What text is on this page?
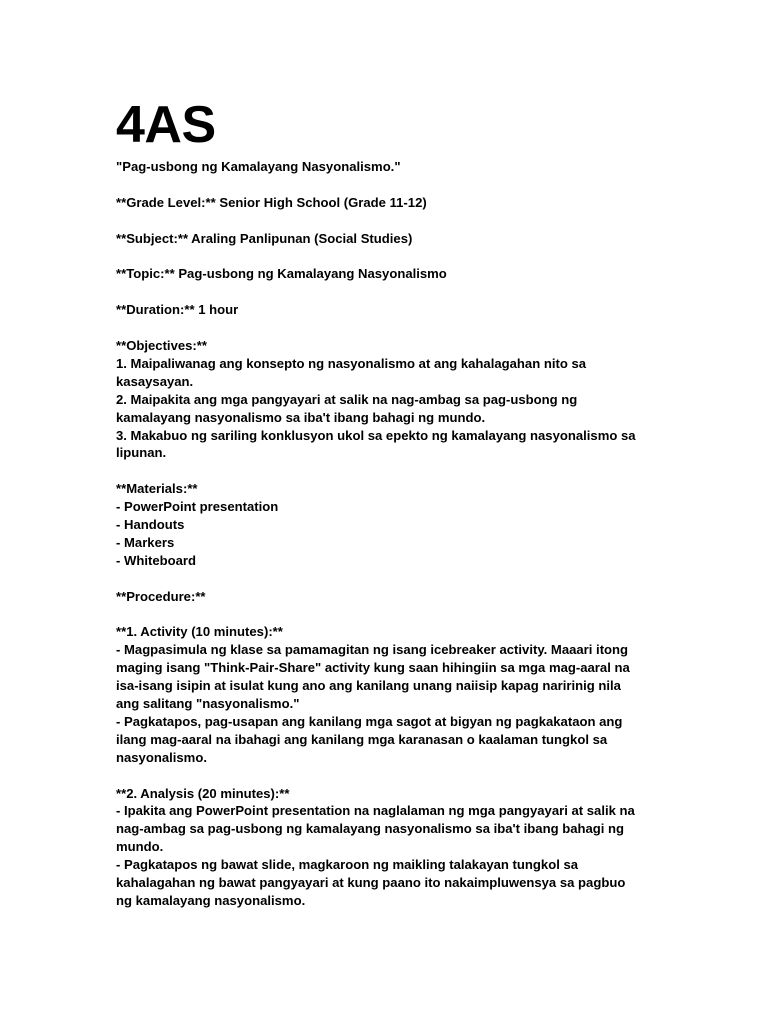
4AS
"Pag-usbong ng Kamalayang Nasyonalismo."
**Grade Level:** Senior High School (Grade 11-12)
**Subject:** Araling Panlipunan (Social Studies)
**Topic:** Pag-usbong ng Kamalayang Nasyonalismo
**Duration:** 1 hour
**Objectives:**
1. Maipaliwanag ang konsepto ng nasyonalismo at ang kahalagahan nito sa
kasaysayan.
2. Maipakita ang mga pangyayari at salik na nag-ambag sa pag-usbong ng
kamalayang nasyonalismo sa iba't ibang bahagi ng mundo.
3. Makabuo ng sariling konklusyon ukol sa epekto ng kamalayang nasyonalismo sa
lipunan.
**Materials:**
- PowerPoint presentation
- Handouts
- Markers
- Whiteboard
**Procedure:**
**1. Activity (10 minutes):**
- Magpasimula ng klase sa pamamagitan ng isang icebreaker activity. Maaari itong
maging isang "Think-Pair-Share" activity kung saan hihingiin sa mga mag-aaral na
isa-isang isipin at isulat kung ano ang kanilang unang naiisip kapag naririnig nila
ang salitang "nasyonalismo."
- Pagkatapos, pag-usapan ang kanilang mga sagot at bigyan ng pagkakataon ang
ilang mag-aaral na ibahagi ang kanilang mga karanasan o kaalaman tungkol sa
nasyonalismo.
**2. Analysis (20 minutes):**
- Ipakita ang PowerPoint presentation na naglalaman ng mga pangyayari at salik na
nag-ambag sa pag-usbong ng kamalayang nasyonalismo sa iba't ibang bahagi ng
mundo.
- Pagkatapos ng bawat slide, magkaroon ng maikling talakayan tungkol sa
kahalagahan ng bawat pangyayari at kung paano ito nakaimpluwensya sa pagbuo
ng kamalayang nasyonalismo.
